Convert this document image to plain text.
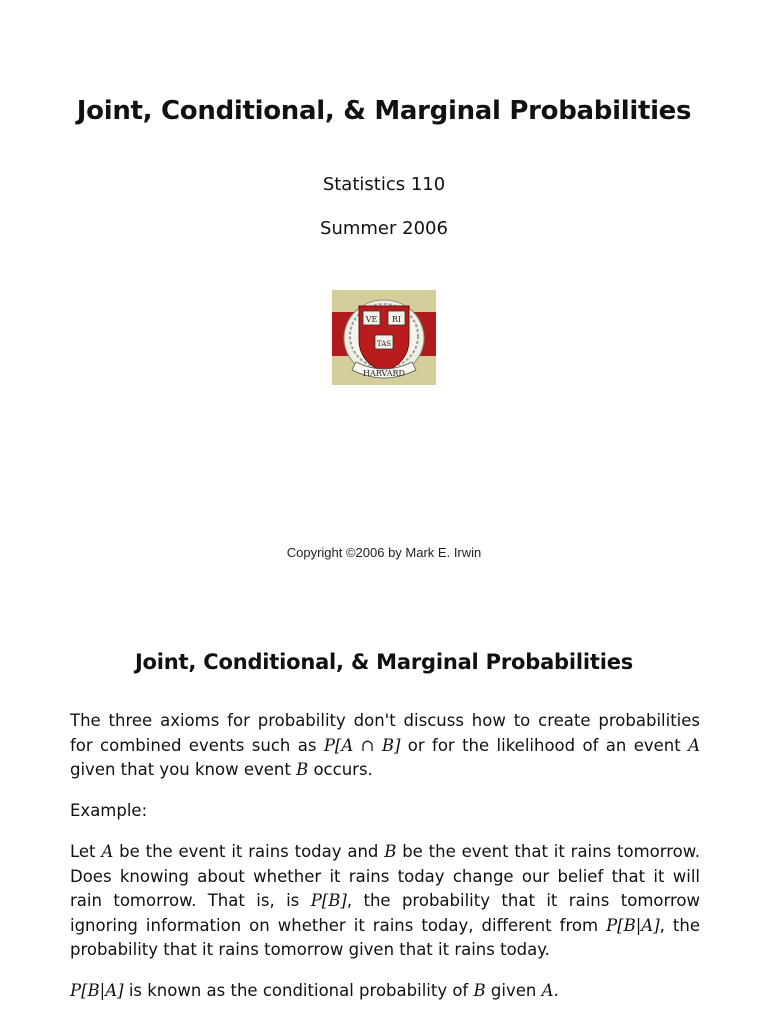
Joint, Conditional, & Marginal Probabilities

Statistics 110

Summer 2006

VE RI
TAS
HARVARD
Copyright ©2006 by Mark E. Irwin
Joint, Conditional, & Marginal Probabilities

The three axioms for probability don't discuss how to create probabilities for combined events such as P[A ∩ B] or for the likelihood of an event A given that you know event B occurs.

Example:

Let A be the event it rains today and B be the event that it rains tomorrow. Does knowing about whether it rains today change our belief that it will rain tomorrow. That is, is P[B], the probability that it rains tomorrow ignoring information on whether it rains today, different from P[B|A], the probability that it rains tomorrow given that it rains today.

P[B|A] is known as the conditional probability of B given A.
